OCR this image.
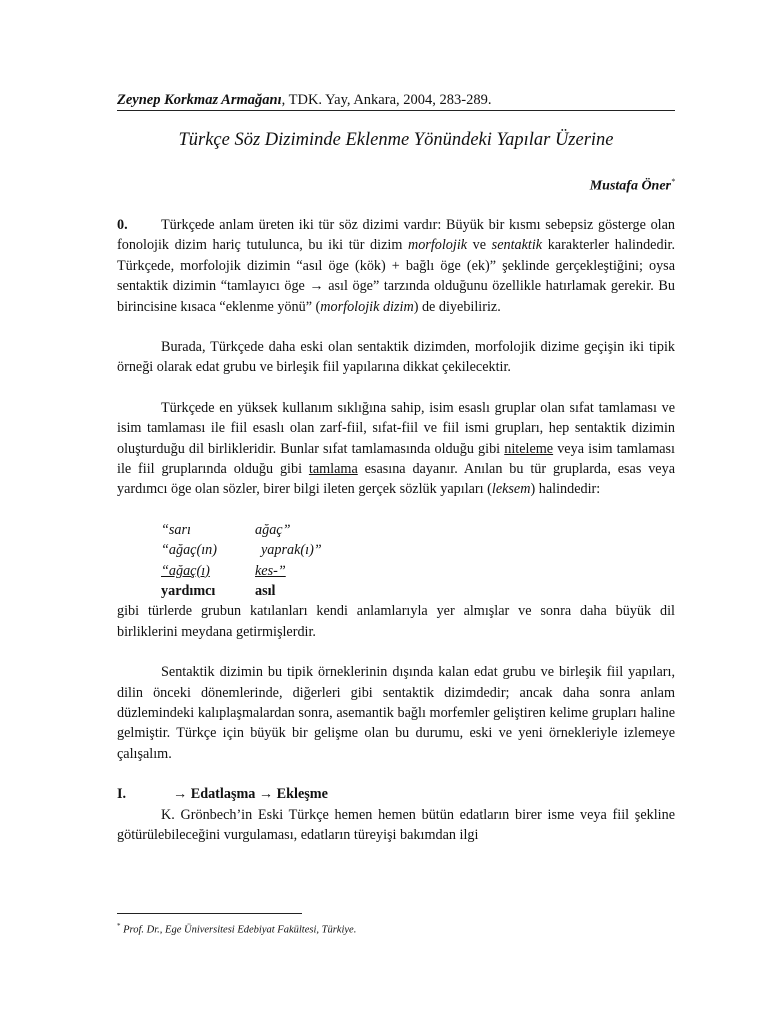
Zeynep Korkmaz Armağanı, TDK. Yay, Ankara, 2004, 283-289.
Türkçe Söz Diziminde Eklenme Yönündeki Yapılar Üzerine
Mustafa Öner*

0. Türkçede anlam üreten iki tür söz dizimi vardır: Büyük bir kısmı sebepsiz gösterge olan fonolojik dizim hariç tutulunca, bu iki tür dizim morfolojik ve sentaktik karakterler halindedir. Türkçede, morfolojik dizimin “asıl öge (kök) + bağlı öge (ek)” şeklinde gerçekleştiğini; oysa sentaktik dizimin “tamlayıcı öge → asıl öge” tarzında olduğunu özellikle hatırlamak gerekir. Bu birincisine kısaca “eklenme yönü” (morfolojik dizim) de diyebiliriz.

Burada, Türkçede daha eski olan sentaktik dizimden, morfolojik dizime geçişin iki tipik örneği olarak edat grubu ve birleşik fiil yapılarına dikkat çekilecektir.

Türkçede en yüksek kullanım sıklığına sahip, isim esaslı gruplar olan sıfat tamlaması ve isim tamlaması ile fiil esaslı olan zarf-fiil, sıfat-fiil ve fiil ismi grupları, hep sentaktik dizimin oluşturduğu dil birlikleridir. Bunlar sıfat tamlamasında olduğu gibi niteleme veya isim tamlaması ile fiil gruplarında olduğu gibi tamlama esasına dayanır. Anılan bu tür gruplarda, esas veya yardımcı öge olan sözler, birer bilgi ileten gerçek sözlük yapıları (leksem) halindedir:

“sarı	ağaç”
“ağaç(ın)	yaprak(ı)”
“ağaç(ı)	kes-”
yardımcı	asıl

gibi türlerde grubun katılanları kendi anlamlarıyla yer almışlar ve sonra daha büyük dil birliklerini meydana getirmişlerdir.

Sentaktik dizimin bu tipik örneklerinin dışında kalan edat grubu ve birleşik fiil yapıları, dilin önceki dönemlerinde, diğerleri gibi sentaktik dizimdedir; ancak daha sonra anlam düzlemindeki kalıplaşmalardan sonra, asemantik bağlı morfemler geliştiren kelime grupları haline gelmiştir. Türkçe için büyük bir gelişme olan bu durumu, eski ve yeni örnekleriyle izlemeye çalışalım.

I.	→ Edatlaşma → Ekleşme

K. Grönbech’in Eski Türkçe hemen hemen bütün edatların birer isme veya fiil şekline götürülebileceğini vurgulaması, edatların türeyişi bakımdan ilgi

* Prof. Dr., Ege Üniversitesi Edebiyat Fakültesi, Türkiye.
